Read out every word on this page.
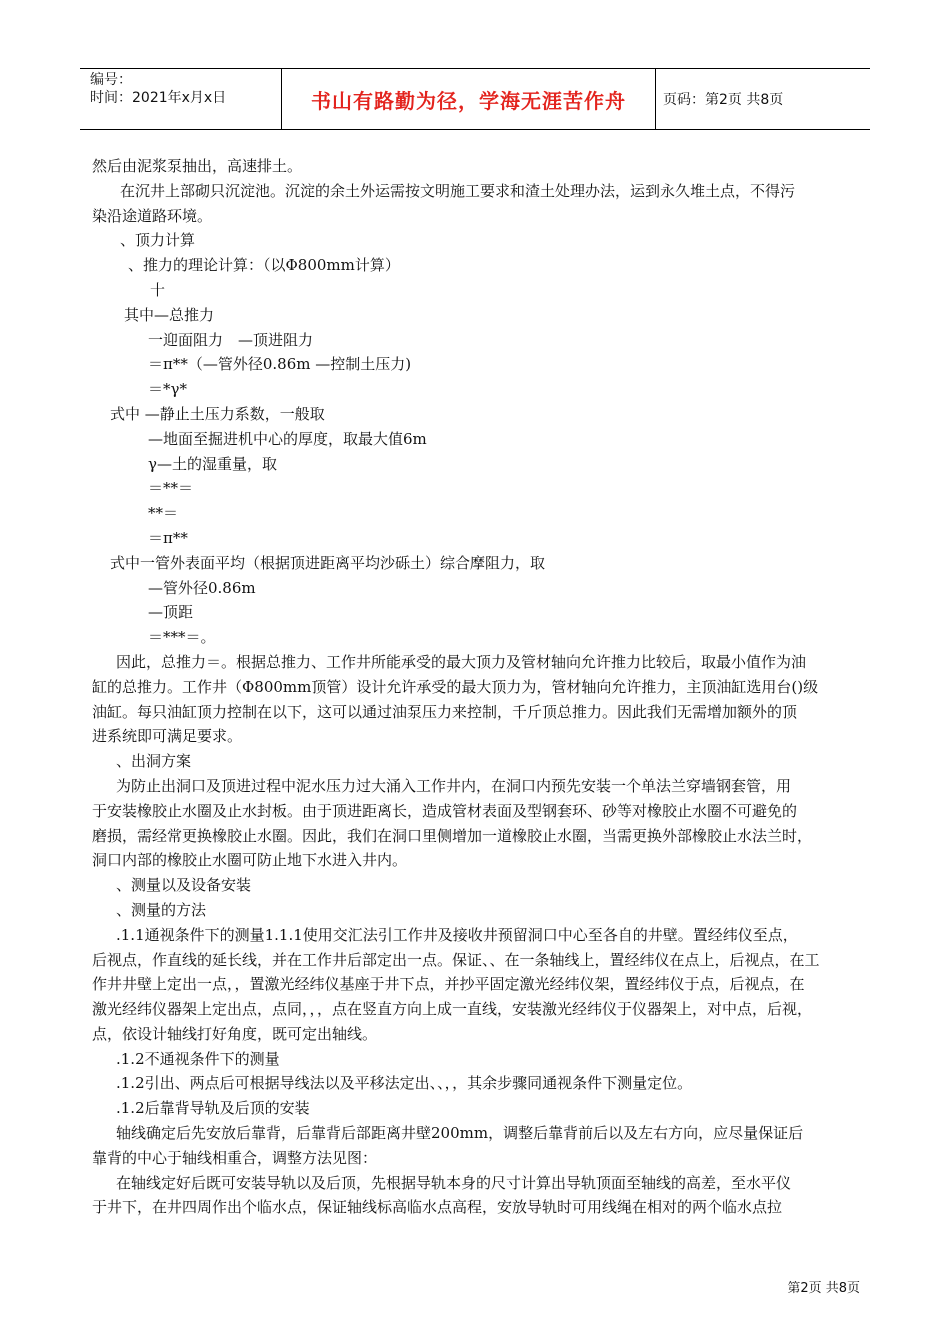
编号：
时间：2021年x月x日	书山有路勤为径，学海无涯苦作舟	页码：第2页 共8页

然后由泥浆泵抽出，高速排土。

在沉井上部砌只沉淀池。沉淀的余土外运需按文明施工要求和渣土处理办法，运到永久堆土点，不得污

染沿途道路环境。

、顶力计算

、推力的理论计算：（以Φ800mm计算）

十

其中—总推力

一迎面阻力　—顶进阻力

＝π**（—管外径0.86m —控制土压力)

＝*γ*

式中 —静止土压力系数，一般取

—地面至掘进机中心的厚度，取最大值6m

γ—土的湿重量，取

＝**＝

**＝

＝π**

式中一管外表面平均（根据顶进距离平均沙砾土）综合摩阻力，取

—管外径0.86m

—顶距

＝***＝。

因此，总推力＝。根据总推力、工作井所能承受的最大顶力及管材轴向允许推力比较后，取最小值作为油

缸的总推力。工作井（Φ800mm顶管）设计允许承受的最大顶力为，管材轴向允许推力，主顶油缸选用台()级

油缸。每只油缸顶力控制在以下，这可以通过油泵压力来控制，千斤顶总推力。因此我们无需增加额外的顶

进系统即可满足要求。

、出洞方案

为防止出洞口及顶进过程中泥水压力过大涌入工作井内，在洞口内预先安装一个单法兰穿墙钢套管，用

于安装橡胶止水圈及止水封板。由于顶进距离长，造成管材表面及型钢套环、砂等对橡胶止水圈不可避免的

磨损，需经常更换橡胶止水圈。因此，我们在洞口里侧增加一道橡胶止水圈，当需更换外部橡胶止水法兰时，

洞口内部的橡胶止水圈可防止地下水进入井内。

、测量以及设备安装

、测量的方法

.1.1通视条件下的测量1.1.1使用交汇法引工作井及接收井预留洞口中心至各自的井壁。置经纬仪至点，

后视点，作直线的延长线，并在工作井后部定出一点。保证、、在一条轴线上，置经纬仪在点上，后视点，在工

作井井壁上定出一点，，置激光经纬仪基座于井下点，并抄平固定激光经纬仪架，置经纬仪于点，后视点，在

激光经纬仪器架上定出点，点同，，，点在竖直方向上成一直线，安装激光经纬仪于仪器架上，对中点，后视，

点，依设计轴线打好角度，既可定出轴线。

.1.2不通视条件下的测量

.1.2引出、两点后可根据导线法以及平移法定出、、，，其余步骤同通视条件下测量定位。

.1.2后靠背导轨及后顶的安装

轴线确定后先安放后靠背，后靠背后部距离井壁200mm，调整后靠背前后以及左右方向，应尽量保证后

靠背的中心于轴线相重合，调整方法见图：

在轴线定好后既可安装导轨以及后顶，先根据导轨本身的尺寸计算出导轨顶面至轴线的高差，至水平仪

于井下，在井四周作出个临水点，保证轴线标高临水点高程，安放导轨时可用线绳在相对的两个临水点拉

第2页 共8页
